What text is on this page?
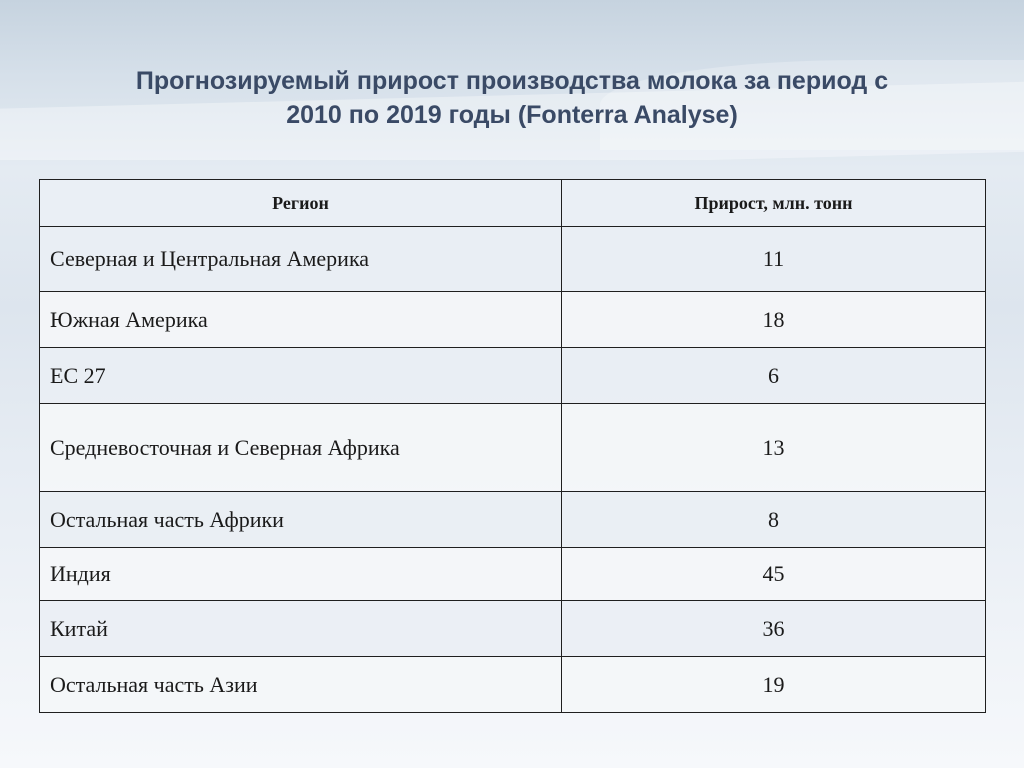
Прогнозируемый прирост производства молока за период с
2010 по 2019 годы (Fonterra Analyse)
Регион	Прирост, млн. тонн
Северная и Центральная Америка	11
Южная Америка	18
ЕС 27	6
Средневосточная и Северная Африка	13
Остальная часть Африки	8
Индия	45
Китай	36
Остальная часть Азии	19
